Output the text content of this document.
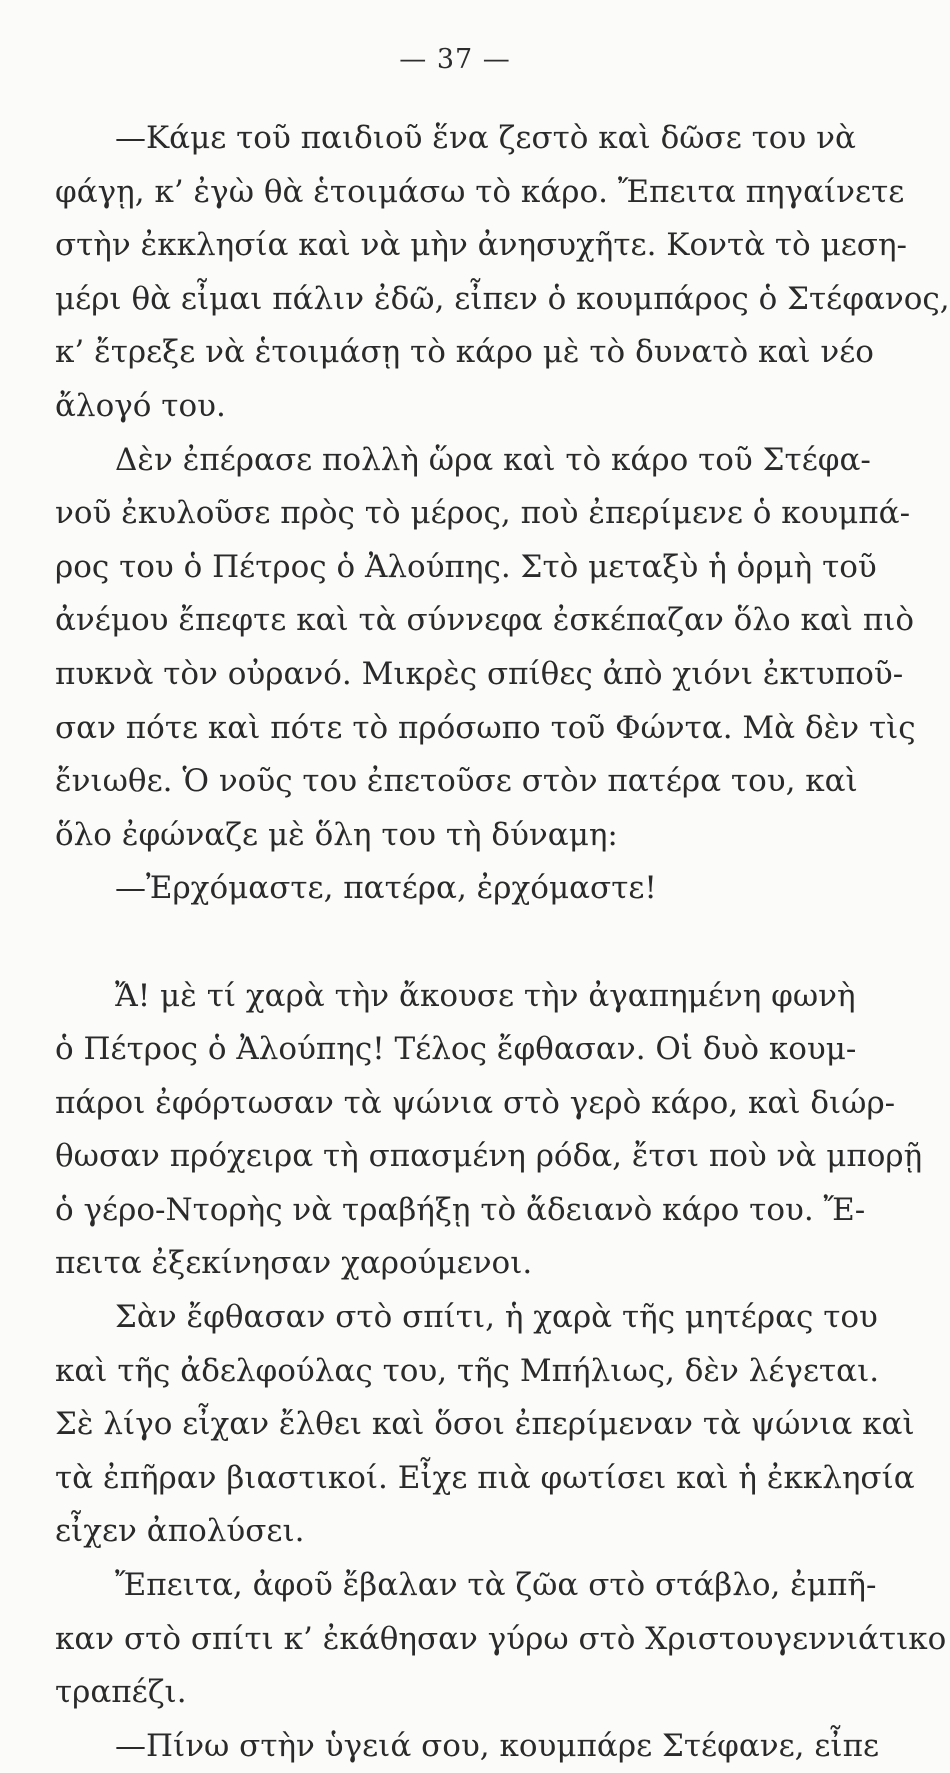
— 37 —
—Κάμε τοῦ παιδιοῦ ἕνα ζεστὸ καὶ δῶσε του νὰ
φάγῃ, κ’ ἐγὼ θὰ ἑτοιμάσω τὸ κάρο. Ἔπειτα πηγαίνετε
στὴν ἐκκλησία καὶ νὰ μὴν ἀνησυχῆτε. Κοντὰ τὸ μεση-
μέρι θὰ εἶμαι πάλιν ἐδῶ, εἶπεν ὁ κουμπάρος ὁ Στέφανος,
κ’ ἔτρεξε νὰ ἑτοιμάσῃ τὸ κάρο μὲ τὸ δυνατὸ καὶ νέο
ἄλογό του.
Δὲν ἐπέρασε πολλὴ ὥρα καὶ τὸ κάρο τοῦ Στέφα-
νοῦ ἐκυλοῦσε πρὸς τὸ μέρος, ποὺ ἐπερίμενε ὁ κουμπά-
ρος του ὁ Πέτρος ὁ Ἀλούπης. Στὸ μεταξὺ ἡ ὁρμὴ τοῦ
ἀνέμου ἔπεφτε καὶ τὰ σύννεφα ἐσκέπαζαν ὅλο καὶ πιὸ
πυκνὰ τὸν οὐρανό. Μικρὲς σπίθες ἀπὸ χιόνι ἐκτυποῦ-
σαν πότε καὶ πότε τὸ πρόσωπο τοῦ Φώντα. Μὰ δὲν τὶς
ἔνιωθε. Ὁ νοῦς του ἐπετοῦσε στὸν πατέρα του, καὶ
ὅλο ἐφώναζε μὲ ὅλη του τὴ δύναμη:
—Ἐρχόμαστε, πατέρα, ἐρχόμαστε!
Ἄ! μὲ τί χαρὰ τὴν ἄκουσε τὴν ἀγαπημένη φωνὴ
ὁ Πέτρος ὁ Ἀλούπης! Τέλος ἔφθασαν. Οἱ δυὸ κουμ-
πάροι ἐφόρτωσαν τὰ ψώνια στὸ γερὸ κάρο, καὶ διώρ-
θωσαν πρόχειρα τὴ σπασμένη ρόδα, ἔτσι ποὺ νὰ μπορῇ
ὁ γέρο-Ντορὴς νὰ τραβήξῃ τὸ ἄδειανὸ κάρο του. Ἔ-
πειτα ἐξεκίνησαν χαρούμενοι.
Σὰν ἔφθασαν στὸ σπίτι, ἡ χαρὰ τῆς μητέρας του
καὶ τῆς ἀδελφούλας του, τῆς Μπήλιως, δὲν λέγεται.
Σὲ λίγο εἶχαν ἔλθει καὶ ὅσοι ἐπερίμεναν τὰ ψώνια καὶ
τὰ ἐπῆραν βιαστικοί. Εἶχε πιὰ φωτίσει καὶ ἡ ἐκκλησία
εἶχεν ἀπολύσει.
Ἔπειτα, ἀφοῦ ἔβαλαν τὰ ζῶα στὸ στάβλο, ἐμπῆ-
καν στὸ σπίτι κ’ ἐκάθησαν γύρω στὸ Χριστουγεννιάτικο
τραπέζι.
—Πίνω στὴν ὑγειά σου, κουμπάρε Στέφανε, εἶπε
